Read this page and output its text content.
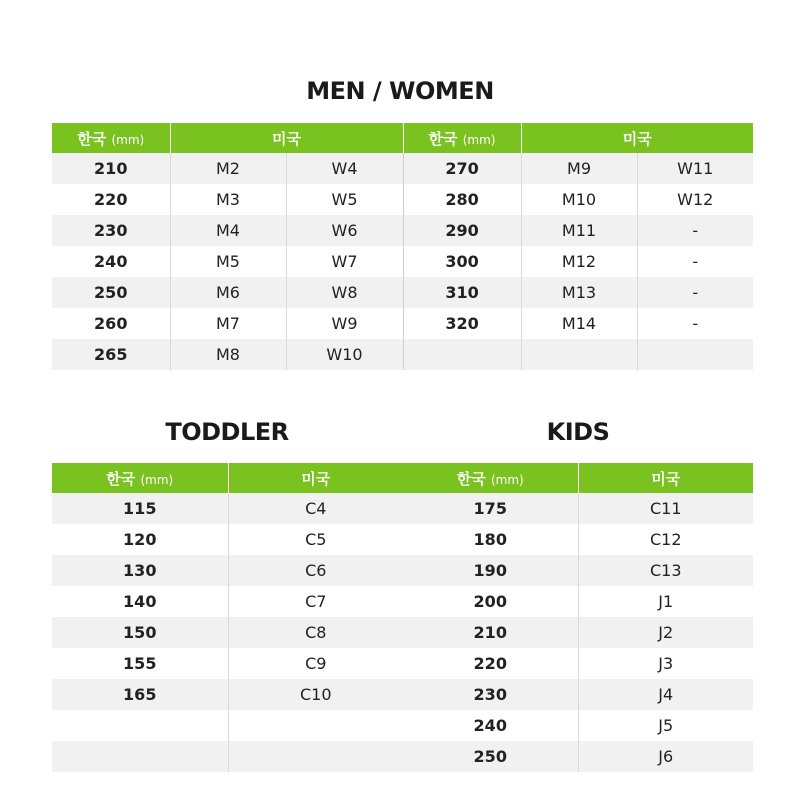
MEN / WOMEN
한국 (mm)	미국		한국 (mm)	미국	
210	M2	W4	270	M9	W11
220	M3	W5	280	M10	W12
230	M4	W6	290	M11	-
240	M5	W7	300	M12	-
250	M6	W8	310	M13	-
260	M7	W9	320	M14	-
265	M8	W10			
TODDLER
한국 (mm)	미국
115	C4
120	C5
130	C6
140	C7
150	C8
155	C9
165	C10

KIDS
한국 (mm)	미국
175	C11
180	C12
190	C13
200	J1
210	J2
220	J3
230	J4
240	J5
250	J6
